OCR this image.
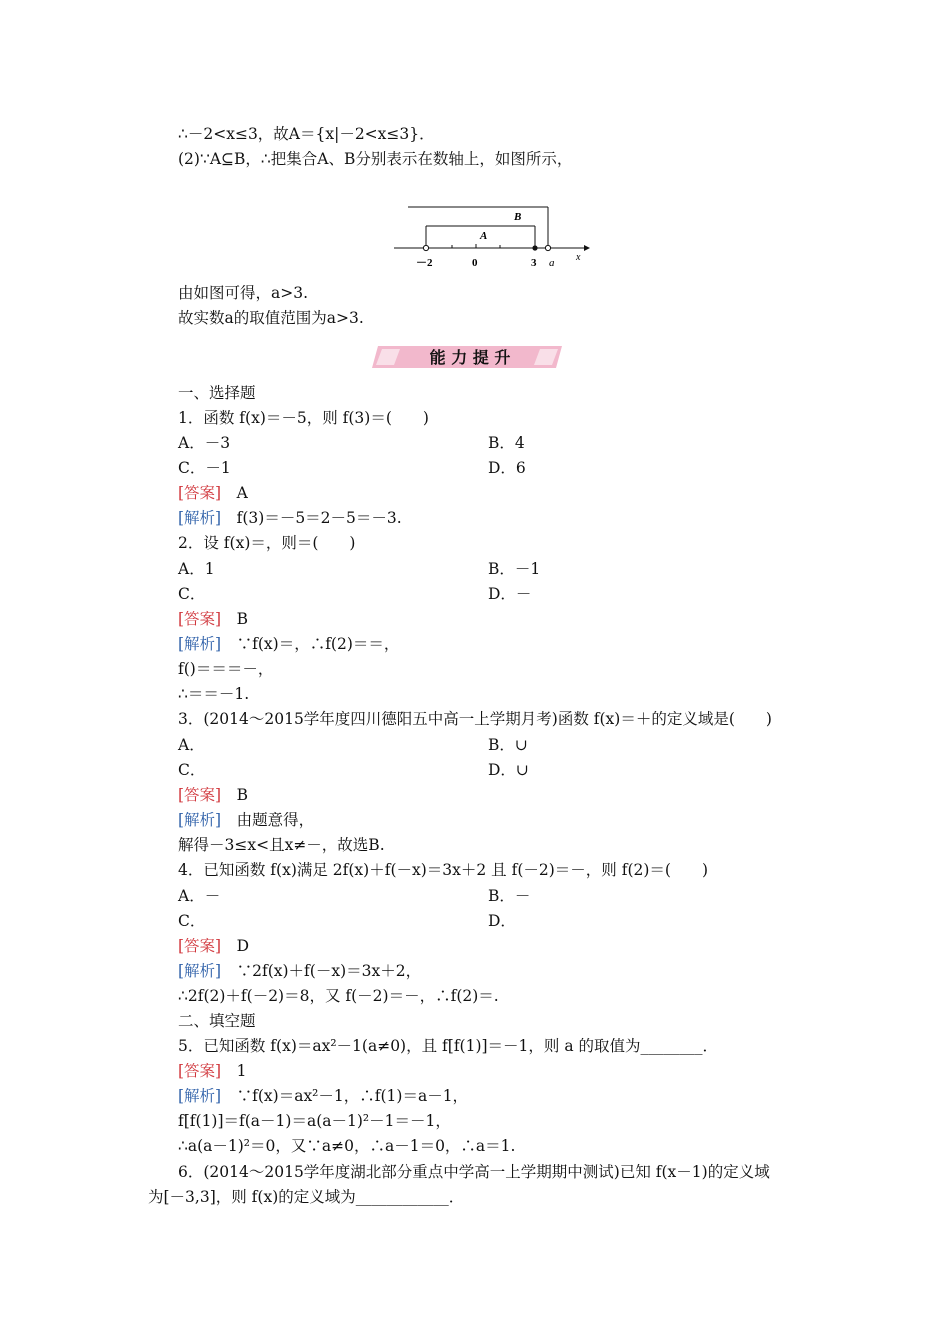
∴－2<x≤3，故A＝{x|－2<x≤3}．
(2)∵A⊆B，∴把集合A、B分别表示在数轴上，如图所示，
B
A
－2	0	3 a x
由如图可得，a>3.
故实数a的取值范围为a>3.
能 力 提 升
一、选择题
1．函数 f(x)＝－5，则 f(3)＝(　　)
A．－3	B．4
C．－1	D．6
[答案]　 A
[解析]　 f(3)＝－5＝2－5＝－3.
2．设 f(x)＝，则＝(　　)
A．1	B．－1
C．	D．－
[答案]　 B
[解析]　 ∵f(x)＝，∴f(2)＝＝，
f()＝＝＝－，
∴＝＝－1.
3．(2014～2015学年度四川德阳五中高一上学期月考)函数 f(x)＝＋的定义域是(　　)
A．	B．∪
C．	D．∪
[答案]　 B
[解析]　 由题意得，
解得－3≤x<且x≠－，故选B.
4．已知函数 f(x)满足 2f(x)＋f(－x)＝3x＋2 且 f(－2)＝－，则 f(2)＝(　　)
A．－	B．－
C．	D．
[答案]　 D
[解析]　 ∵2f(x)＋f(－x)＝3x＋2，
∴2f(2)＋f(－2)＝8，又 f(－2)＝－，∴f(2)＝.
二、填空题
5．已知函数 f(x)＝ax²－1(a≠0)，且 f[f(1)]＝－1，则 a 的取值为________．
[答案]　 1
[解析]　 ∵f(x)＝ax²－1，∴f(1)＝a－1，
f[f(1)]＝f(a－1)＝a(a－1)²－1＝－1，
∴a(a－1)²＝0，又∵a≠0，∴a－1＝0，∴a＝1.
6．(2014～2015学年度湖北部分重点中学高一上学期期中测试)已知 f(x－1)的定义域
为[－3,3]，则 f(x)的定义域为____________．
